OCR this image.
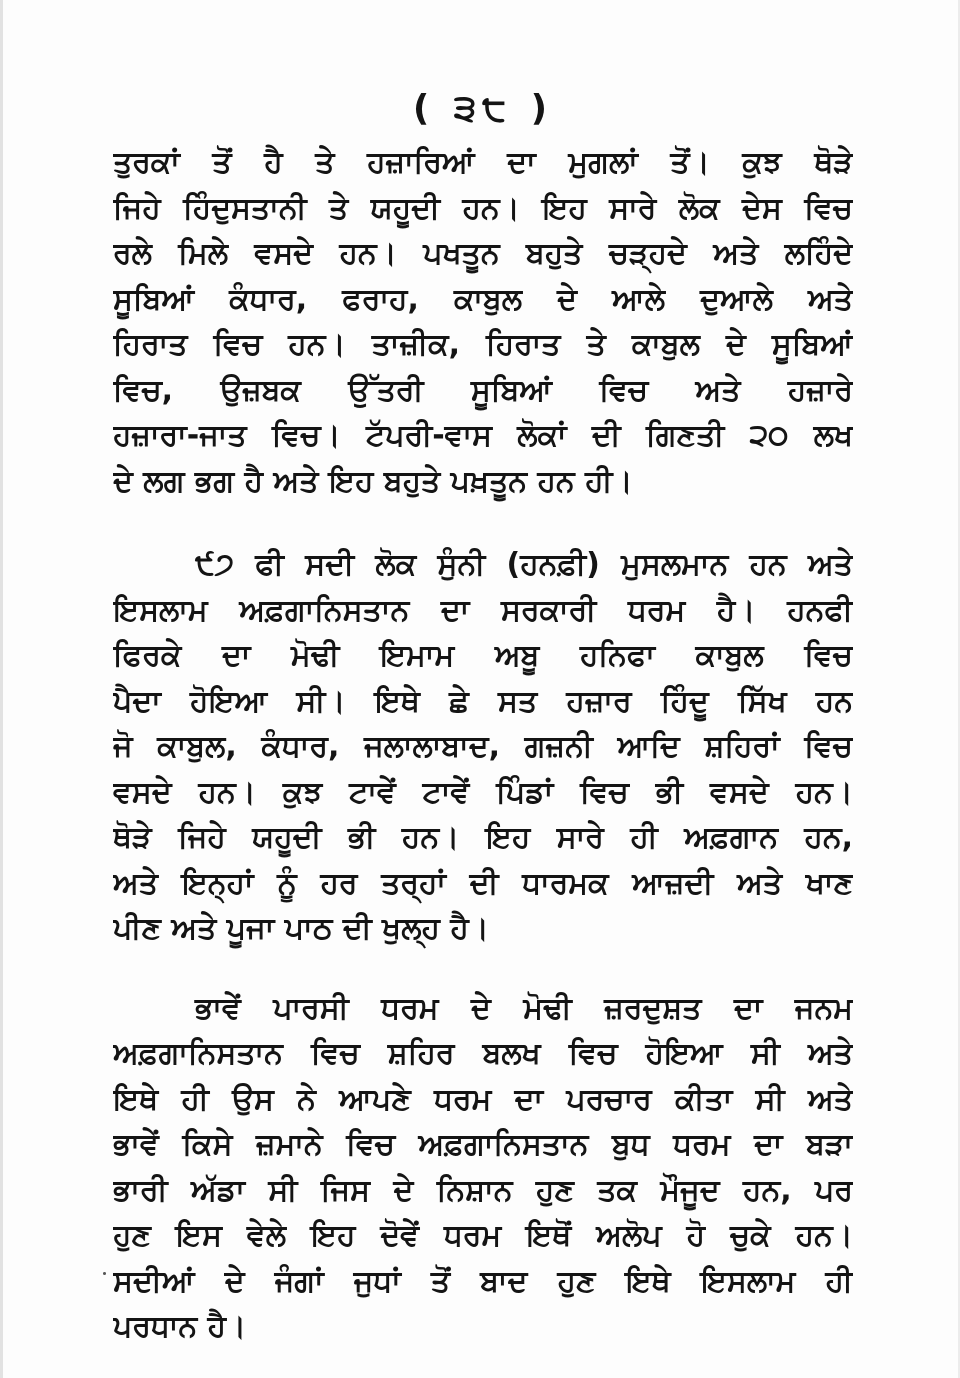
( ੩੮ )
ਤੁਰਕਾਂ ਤੋਂ ਹੈ ਤੇ ਹਜ਼ਾਰਿਆਂ ਦਾ ਮੁਗਲਾਂ ਤੋਂ। ਕੁਝ ਥੋੜੇ
ਜਿਹੇ ਹਿੰਦੁਸਤਾਨੀ ਤੇ ਯਹੂਦੀ ਹਨ। ਇਹ ਸਾਰੇ ਲੋਕ ਦੇਸ ਵਿਚ
ਰਲੇ ਮਿਲੇ ਵਸਦੇ ਹਨ। ਪਖਤੂਨ ਬਹੁਤੇ ਚੜ੍ਹਦੇ ਅਤੇ ਲਹਿੰਦੇ
ਸੂਬਿਆਂ ਕੰਧਾਰ, ਫਰਾਹ, ਕਾਬੁਲ ਦੇ ਆਲੇ ਦੁਆਲੇ ਅਤੇ
ਹਿਰਾਤ ਵਿਚ ਹਨ। ਤਾਜ਼ੀਕ, ਹਿਰਾਤ ਤੇ ਕਾਬੁਲ ਦੇ ਸੂਬਿਆਂ
ਵਿਚ, ਉਜ਼ਬਕ ਉੱਤਰੀ ਸੂਬਿਆਂ ਵਿਚ ਅਤੇ ਹਜ਼ਾਰੇ
ਹਜ਼ਾਰਾ-ਜਾਤ ਵਿਚ। ਟੱਪਰੀ-ਵਾਸ ਲੋਕਾਂ ਦੀ ਗਿਣਤੀ ੨੦ ਲਖ
ਦੇ ਲਗ ਭਗ ਹੈ ਅਤੇ ਇਹ ਬਹੁਤੇ ਪਖ਼ਤੂਨ ਹਨ ਹੀ।
੯੭ ਫੀ ਸਦੀ ਲੋਕ ਸੁੰਨੀ (ਹਨਫ਼ੀ) ਮੁਸਲਮਾਨ ਹਨ ਅਤੇ
ਇਸਲਾਮ ਅਫ਼ਗਾਨਿਸਤਾਨ ਦਾ ਸਰਕਾਰੀ ਧਰਮ ਹੈ। ਹਨਫੀ
ਫਿਰਕੇ ਦਾ ਮੋਢੀ ਇਮਾਮ ਅਬੂ ਹਨਿਫਾ ਕਾਬੁਲ ਵਿਚ
ਪੈਦਾ ਹੋਇਆ ਸੀ। ਇਥੇ ਛੇ ਸਤ ਹਜ਼ਾਰ ਹਿੰਦੂ ਸਿੱਖ ਹਨ
ਜੋ ਕਾਬੁਲ, ਕੰਧਾਰ, ਜਲਾਲਾਬਾਦ, ਗਜ਼ਨੀ ਆਦਿ ਸ਼ਹਿਰਾਂ ਵਿਚ
ਵਸਦੇ ਹਨ। ਕੁਝ ਟਾਵੇਂ ਟਾਵੇਂ ਪਿੰਡਾਂ ਵਿਚ ਭੀ ਵਸਦੇ ਹਨ।
ਥੋੜੇ ਜਿਹੇ ਯਹੂਦੀ ਭੀ ਹਨ। ਇਹ ਸਾਰੇ ਹੀ ਅਫ਼ਗਾਨ ਹਨ,
ਅਤੇ ਇਨ੍ਹਾਂ ਨੂੰ ਹਰ ਤਰ੍ਹਾਂ ਦੀ ਧਾਰਮਕ ਆਜ਼ਦੀ ਅਤੇ ਖਾਣ
ਪੀਣ ਅਤੇ ਪੂਜਾ ਪਾਠ ਦੀ ਖੁਲ੍ਹ ਹੈ।
ਭਾਵੇਂ ਪਾਰਸੀ ਧਰਮ ਦੇ ਮੋਢੀ ਜ਼ਰਦੁਸ਼ਤ ਦਾ ਜਨਮ
ਅਫ਼ਗਾਨਿਸਤਾਨ ਵਿਚ ਸ਼ਹਿਰ ਬਲਖ ਵਿਚ ਹੋਇਆ ਸੀ ਅਤੇ
ਇਥੇ ਹੀ ਉਸ ਨੇ ਆਪਣੇ ਧਰਮ ਦਾ ਪਰਚਾਰ ਕੀਤਾ ਸੀ ਅਤੇ
ਭਾਵੇਂ ਕਿਸੇ ਜ਼ਮਾਨੇ ਵਿਚ ਅਫ਼ਗਾਨਿਸਤਾਨ ਬੁਧ ਧਰਮ ਦਾ ਬੜਾ
ਭਾਰੀ ਅੱਡਾ ਸੀ ਜਿਸ ਦੇ ਨਿਸ਼ਾਨ ਹੁਣ ਤਕ ਮੌਜੂਦ ਹਨ, ਪਰ
ਹੁਣ ਇਸ ਵੇਲੇ ਇਹ ਦੋਵੇਂ ਧਰਮ ਇਥੋਂ ਅਲੋਪ ਹੋ ਚੁਕੇ ਹਨ।
ਸਦੀਆਂ ਦੇ ਜੰਗਾਂ ਜੁਧਾਂ ਤੋਂ ਬਾਦ ਹੁਣ ਇਥੇ ਇਸਲਾਮ ਹੀ
ਪਰਧਾਨ ਹੈ।
